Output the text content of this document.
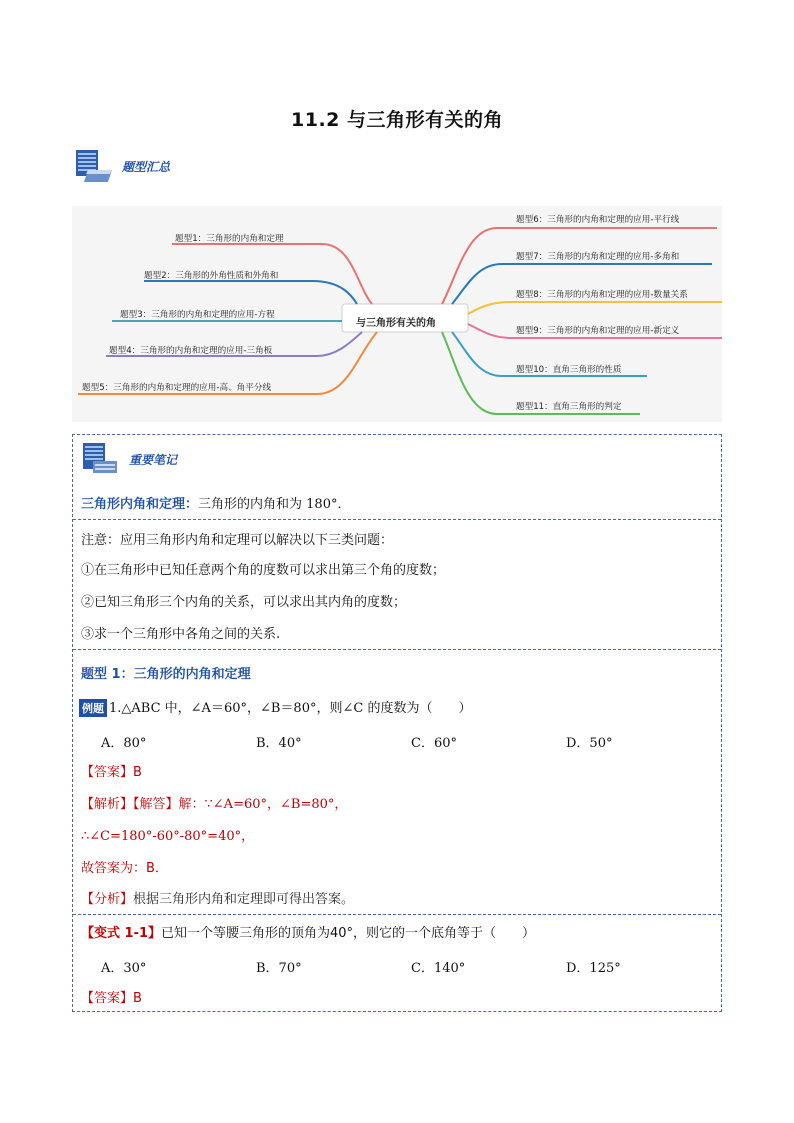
11.2 与三角形有关的角
题型汇总
与三角形有关的角
题型1：三角形的内角和定理
题型2：三角形的外角性质和外角和
题型3：三角形的内角和定理的应用-方程
题型4：三角形的内角和定理的应用-三角板
题型5：三角形的内角和定理的应用-高、角平分线
题型6：三角形的内角和定理的应用-平行线
题型7：三角形的内角和定理的应用-多角和
题型8：三角形的内角和定理的应用-数量关系
题型9：三角形的内角和定理的应用-新定义
题型10：直角三角形的性质
题型11：直角三角形的判定
重要笔记
三角形内角和定理：三角形的内角和为 180°．
注意：应用三角形内角和定理可以解决以下三类问题：
①在三角形中已知任意两个角的度数可以求出第三个角的度数；
②已知三角形三个内角的关系，可以求出其内角的度数；
③求一个三角形中各角之间的关系.
题型 1：三角形的内角和定理
例题 1.△ABC 中，∠A＝60°，∠B＝80°，则∠C 的度数为（　　）
A．80°	B．40°	C．60°	D．50°
【答案】B
【解析】【解答】解：∵∠A=60°，∠B=80°，
∴∠C=180°-60°-80°=40°，
故答案为：B．
【分析】根据三角形内角和定理即可得出答案。
【变式 1-1】已知一个等腰三角形的顶角为40°，则它的一个底角等于（　　）
A．30°	B．70°	C．140°	D．125°
【答案】B
